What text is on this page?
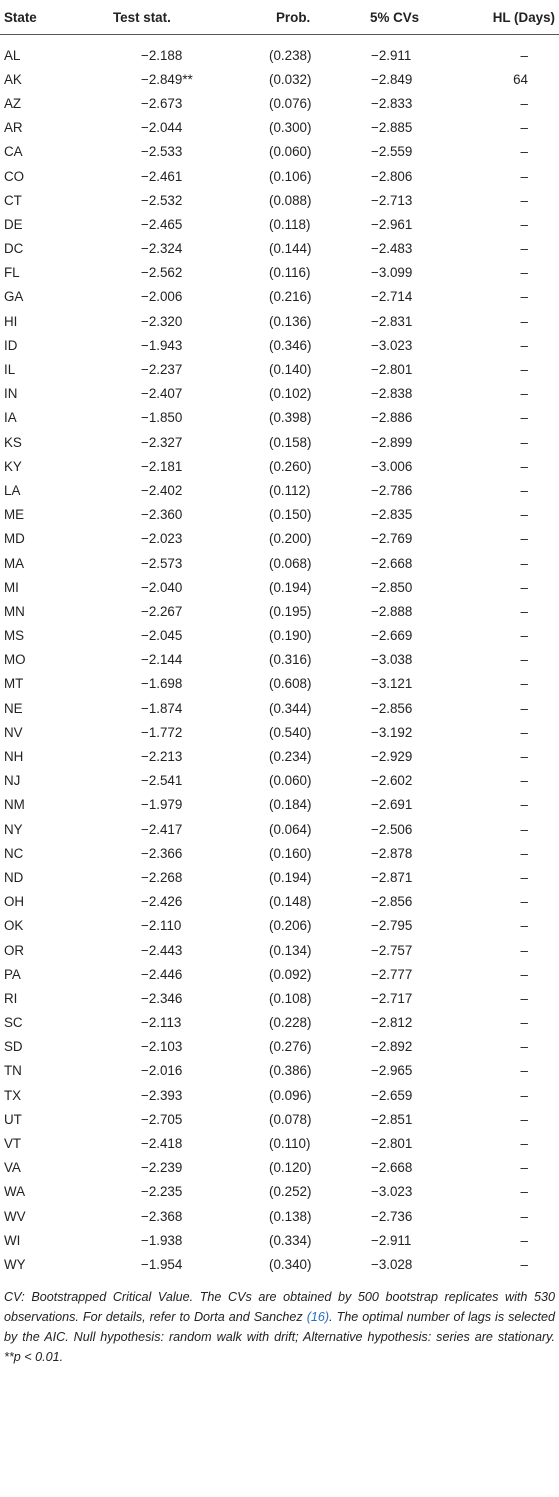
State	Test stat.	Prob.	5% CVs	HL (Days)

AL	−2.188	(0.238)	−2.911	–
AK	−2.849**	(0.032)	−2.849	64
AZ	−2.673	(0.076)	−2.833	–
AR	−2.044	(0.300)	−2.885	–
CA	−2.533	(0.060)	−2.559	–
CO	−2.461	(0.106)	−2.806	–
CT	−2.532	(0.088)	−2.713	–
DE	−2.465	(0.118)	−2.961	–
DC	−2.324	(0.144)	−2.483	–
FL	−2.562	(0.116)	−3.099	–
GA	−2.006	(0.216)	−2.714	–
HI	−2.320	(0.136)	−2.831	–
ID	−1.943	(0.346)	−3.023	–
IL	−2.237	(0.140)	−2.801	–
IN	−2.407	(0.102)	−2.838	–
IA	−1.850	(0.398)	−2.886	–
KS	−2.327	(0.158)	−2.899	–
KY	−2.181	(0.260)	−3.006	–
LA	−2.402	(0.112)	−2.786	–
ME	−2.360	(0.150)	−2.835	–
MD	−2.023	(0.200)	−2.769	–
MA	−2.573	(0.068)	−2.668	–
MI	−2.040	(0.194)	−2.850	–
MN	−2.267	(0.195)	−2.888	–
MS	−2.045	(0.190)	−2.669	–
MO	−2.144	(0.316)	−3.038	–
MT	−1.698	(0.608)	−3.121	–
NE	−1.874	(0.344)	−2.856	–
NV	−1.772	(0.540)	−3.192	–
NH	−2.213	(0.234)	−2.929	–
NJ	−2.541	(0.060)	−2.602	–
NM	−1.979	(0.184)	−2.691	–
NY	−2.417	(0.064)	−2.506	–
NC	−2.366	(0.160)	−2.878	–
ND	−2.268	(0.194)	−2.871	–
OH	−2.426	(0.148)	−2.856	–
OK	−2.110	(0.206)	−2.795	–
OR	−2.443	(0.134)	−2.757	–
PA	−2.446	(0.092)	−2.777	–
RI	−2.346	(0.108)	−2.717	–
SC	−2.113	(0.228)	−2.812	–
SD	−2.103	(0.276)	−2.892	–
TN	−2.016	(0.386)	−2.965	–
TX	−2.393	(0.096)	−2.659	–
UT	−2.705	(0.078)	−2.851	–
VT	−2.418	(0.110)	−2.801	–
VA	−2.239	(0.120)	−2.668	–
WA	−2.235	(0.252)	−3.023	–
WV	−2.368	(0.138)	−2.736	–
WI	−1.938	(0.334)	−2.911	–
WY	−1.954	(0.340)	−3.028	–
CV: Bootstrapped Critical Value. The CVs are obtained by 500 bootstrap replicates with 530 observations. For details, refer to Dorta and Sanchez (16). The optimal number of lags is selected by the AIC. Null hypothesis: random walk with drift; Alternative hypothesis: series are stationary. **p < 0.01.
